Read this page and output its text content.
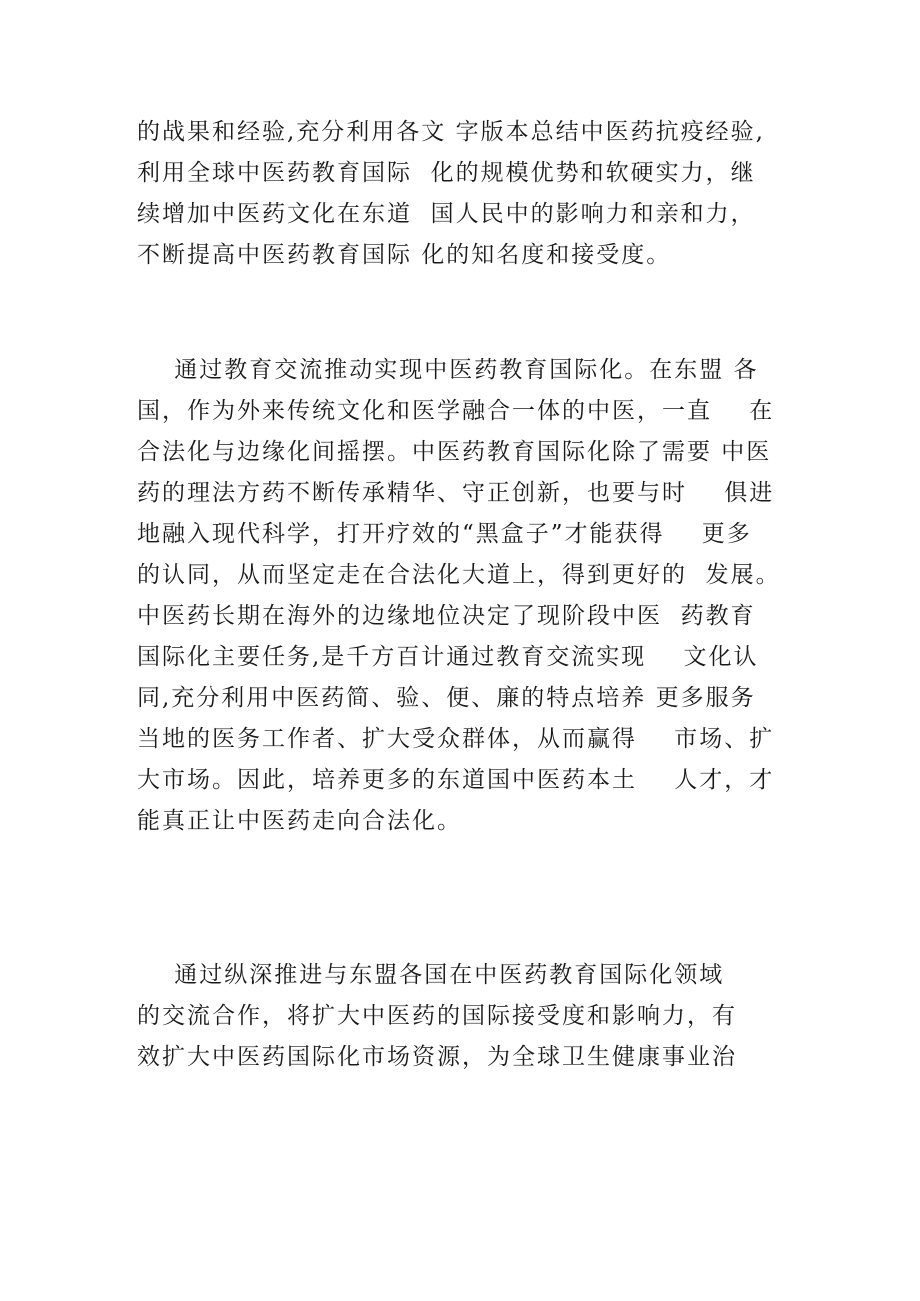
的战果和经验,充分利用各文 字版本总结中医药抗疫经验,
利用全球中医药教育国际  化的规模优势和软硬实力，继
续增加中医药文化在东道  国人民中的影响力和亲和力，
不断提高中医药教育国际 化的知名度和接受度。
通过教育交流推动实现中医药教育国际化。在东盟 各
国，作为外来传统文化和医学融合一体的中医，一直    在
合法化与边缘化间摇摆。中医药教育国际化除了需要 中医
药的理法方药不断传承精华、守正创新，也要与时    俱进
地融入现代科学，打开疗效的“黑盒子”才能获得    更多
的认同，从而坚定走在合法化大道上，得到更好的  发展。
中医药长期在海外的边缘地位决定了现阶段中医  药教育
国际化主要任务,是千方百计通过教育交流实现    文化认
同,充分利用中医药简、验、便、廉的特点培养 更多服务
当地的医务工作者、扩大受众群体，从而赢得    市场、扩
大市场。因此，培养更多的东道国中医药本土    人才，才
能真正让中医药走向合法化。
通过纵深推进与东盟各国在中医药教育国际化领域
的交流合作，将扩大中医药的国际接受度和影响力，有
效扩大中医药国际化市场资源，为全球卫生健康事业治
